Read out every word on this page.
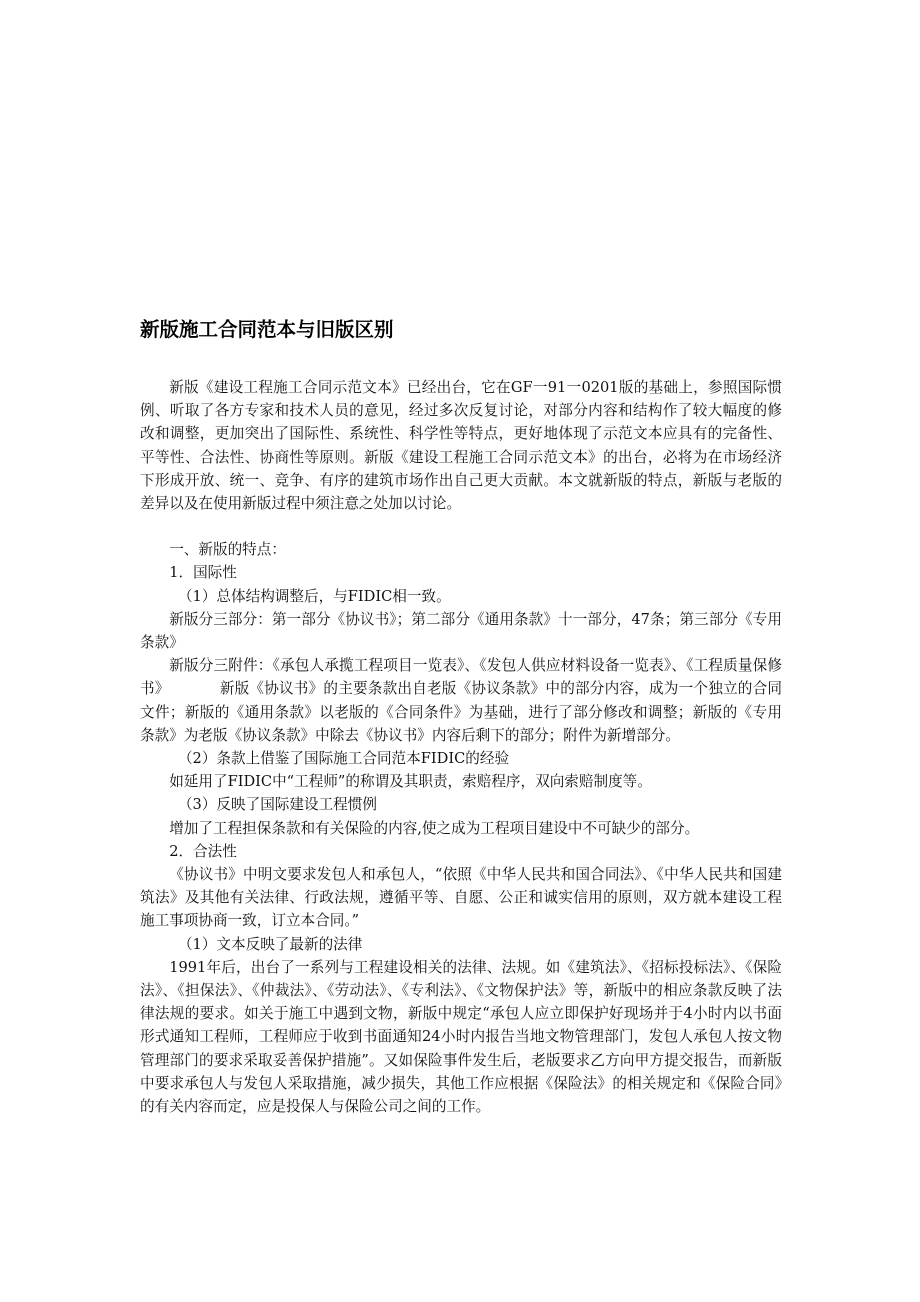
新版施工合同范本与旧版区别

新版《建设工程施工合同示范文本》已经出台，它在GF一91一0201版的基础上，参照国际惯例、听取了各方专家和技术人员的意见，经过多次反复讨论，对部分内容和结构作了较大幅度的修改和调整，更加突出了国际性、系统性、科学性等特点，更好地体现了示范文本应具有的完备性、平等性、合法性、协商性等原则。新版《建设工程施工合同示范文本》的出台，必将为在市场经济下形成开放、统一、竞争、有序的建筑市场作出自己更大贡献。本文就新版的特点，新版与老版的差异以及在使用新版过程中须注意之处加以讨论。

一、新版的特点：

1．国际性

（1）总体结构调整后，与FIDIC相一致。

新版分三部分：第一部分《协议书》；第二部分《通用条款》十一部分，47条；第三部分《专用条款》

新版分三附件：《承包人承揽工程项目一览表》、《发包人供应材料设备一览表》、《工程质量保修书》	新版《协议书》的主要条款出自老版《协议条款》中的部分内容，成为一个独立的合同文件；新版的《通用条款》以老版的《合同条件》为基础，进行了部分修改和调整；新版的《专用条款》为老版《协议条款》中除去《协议书》内容后剩下的部分；附件为新增部分。

（2）条款上借鉴了国际施工合同范本FIDIC的经验

如延用了FIDIC中“工程师”的称谓及其职责，索赔程序，双向索赔制度等。

（3）反映了国际建设工程惯例

增加了工程担保条款和有关保险的内容,使之成为工程项目建设中不可缺少的部分。

2．合法性

《协议书》中明文要求发包人和承包人，“依照《中华人民共和国合同法》、《中华人民共和国建筑法》及其他有关法律、行政法规，遵循平等、自愿、公正和诚实信用的原则，双方就本建设工程施工事项协商一致，订立本合同。”

（1）文本反映了最新的法律

1991年后，出台了一系列与工程建设相关的法律、法规。如《建筑法》、《招标投标法》、《保险法》、《担保法》、《仲裁法》、《劳动法》、《专利法》、《文物保护法》等，新版中的相应条款反映了法律法规的要求。如关于施工中遇到文物，新版中规定“承包人应立即保护好现场并于4小时内以书面形式通知工程师，工程师应于收到书面通知24小时内报告当地文物管理部门，发包人承包人按文物管理部门的要求采取妥善保护措施”。又如保险事件发生后，老版要求乙方向甲方提交报告，而新版中要求承包人与发包人采取措施，减少损失，其他工作应根据《保险法》的相关规定和《保险合同》的有关内容而定，应是投保人与保险公司之间的工作。
